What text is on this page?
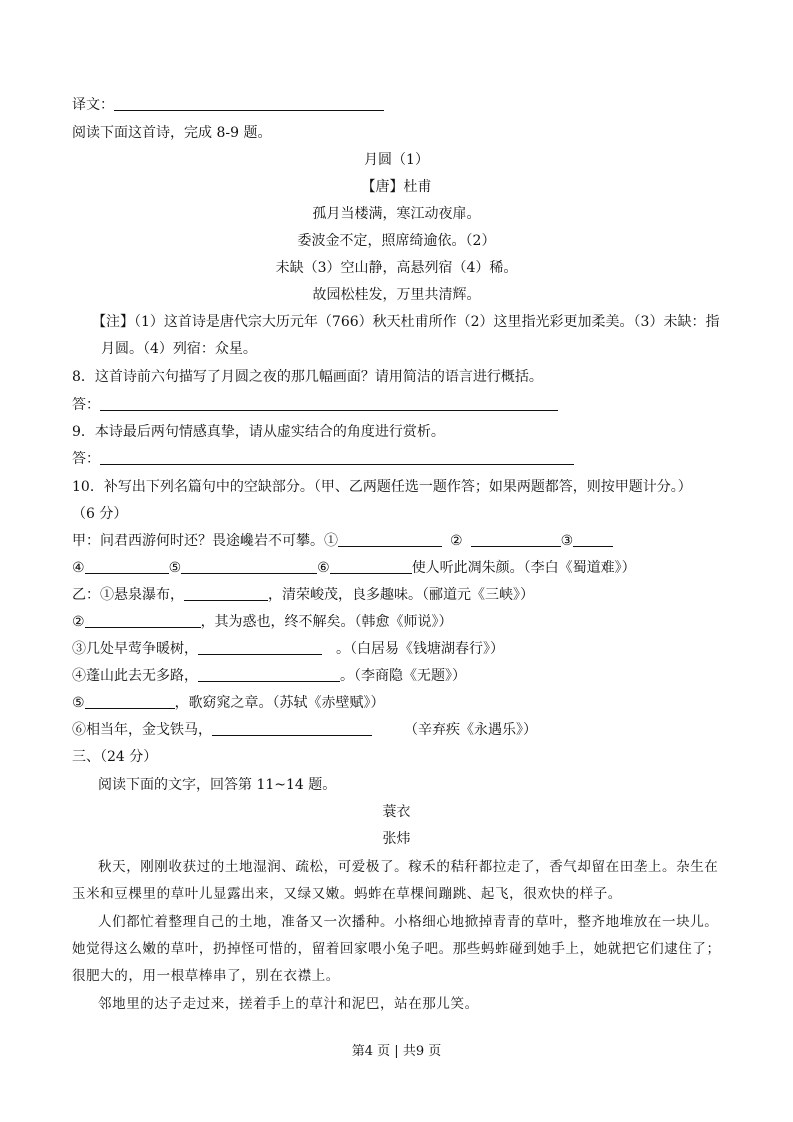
译文：
阅读下面这首诗，完成 8-9 题。
月圆（1）
【唐】杜甫
孤月当楼满，寒江动夜扉。
委波金不定，照席绮逾依。（2）
未缺（3）空山静，高悬列宿（4）稀。
故园松桂发，万里共清辉。
【注】（1）这首诗是唐代宗大历元年（766）秋天杜甫所作（2）这里指光彩更加柔美。（3）未缺：指
月圆。（4）列宿：众星。
8．这首诗前六句描写了月圆之夜的那几幅画面？请用简洁的语言进行概括。
答：
9．本诗最后两句情感真挚，请从虚实结合的角度进行赏析。
答：
10．补写出下列名篇句中的空缺部分。（甲、乙两题任选一题作答；如果两题都答，则按甲题计分。）
（6 分）
甲：问君西游何时还？畏途巉岩不可攀。①	②	③
④	⑤	⑥	使人听此凋朱颜。（李白《蜀道难》）
乙：①悬泉瀑布，	，清荣峻茂，良多趣味。（郦道元《三峡》）
②	，其为惑也，终不解矣。（韩愈《师说》）
③几处早莺争暖树，	。（白居易《钱塘湖春行》）
④蓬山此去无多路，	。（李商隐《无题》）
⑤	，歌窈窕之章。（苏轼《赤壁赋》）
⑥相当年，金戈铁马，	（辛弃疾《永遇乐》）
三、（24 分）
阅读下面的文字，回答第 11~14 题。
蓑衣
张炜
秋天，刚刚收获过的土地湿润、疏松，可爱极了。稼禾的秸秆都拉走了，香气却留在田垄上。杂生在
玉米和豆棵里的草叶儿显露出来，又绿又嫩。蚂蚱在草棵间蹦跳、起飞，很欢快的样子。
人们都忙着整理自己的土地，准备又一次播种。小格细心地掀掉青青的草叶，整齐地堆放在一块儿。
她觉得这么嫩的草叶，扔掉怪可惜的，留着回家喂小兔子吧。那些蚂蚱碰到她手上，她就把它们逮住了；
很肥大的，用一根草棒串了，别在衣襟上。
邻地里的达子走过来，搓着手上的草汁和泥巴，站在那儿笑。
第4 页 | 共9 页
